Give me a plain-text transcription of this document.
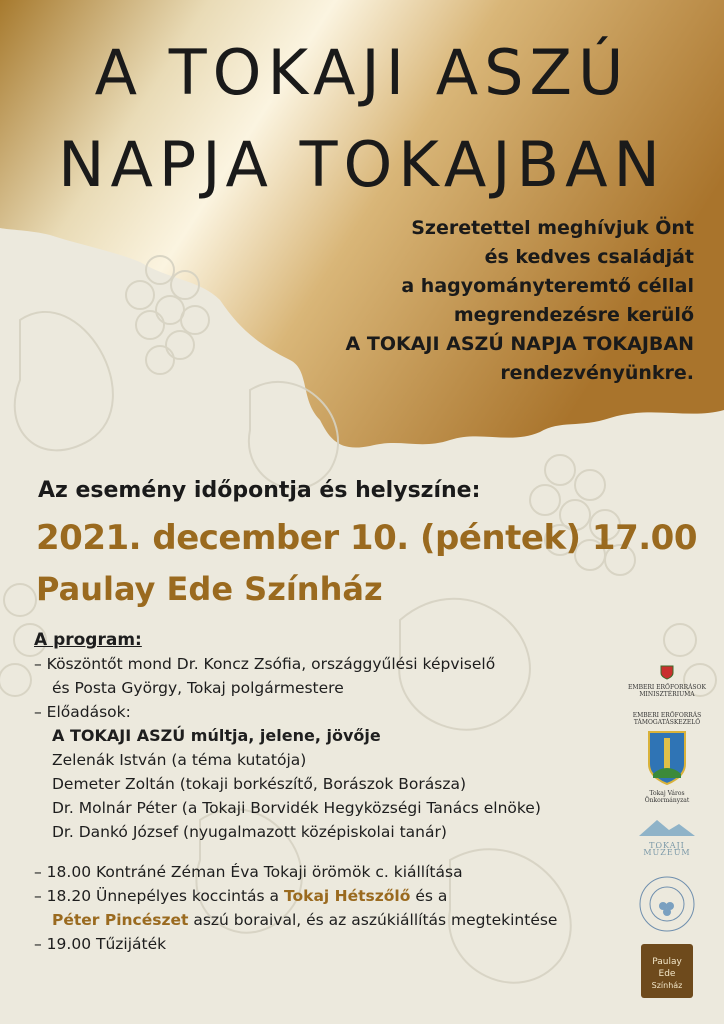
A TOKAJI ASZÚ
NAPJA TOKAJBAN
Szeretettel meghívjuk Önt
és kedves családját
a hagyományteremtő céllal
megrendezésre kerülő
A TOKAJI ASZÚ NAPJA TOKAJBAN
rendezvényünkre.
Az esemény időpontja és helyszíne:
2021. december 10. (péntek) 17.00
Paulay Ede Színház
A program:
– Köszöntőt mond Dr. Koncz Zsófia, országgyűlési képviselő
és Posta György, Tokaj polgármestere
– Előadások:
A TOKAJI ASZÚ múltja, jelene, jövője
Zelenák István (a téma kutatója)
Demeter Zoltán (tokaji borkészítő, Borászok Borásza)
Dr. Molnár Péter (a Tokaji Borvidék Hegyközségi Tanács elnöke)
Dr. Dankó József (nyugalmazott középiskolai tanár)
– 18.00 Kontráné Zéman Éva Tokaji örömök c. kiállítása
– 18.20 Ünnepélyes koccintás a Tokaj Hétszőlő és a
Péter Pincészet aszú boraival, és az aszúkiállítás megtekintése
– 19.00 Tűzijáték
EMBERI ERŐFORRÁSOK MINISZTÉRIUMA
EMBERI ERŐFORRÁS TÁMOGATÁSKEZELŐ
Tokaj Város Önkormányzat
TOKAJI MÚZEUM
Paulay
Ede
Színház
